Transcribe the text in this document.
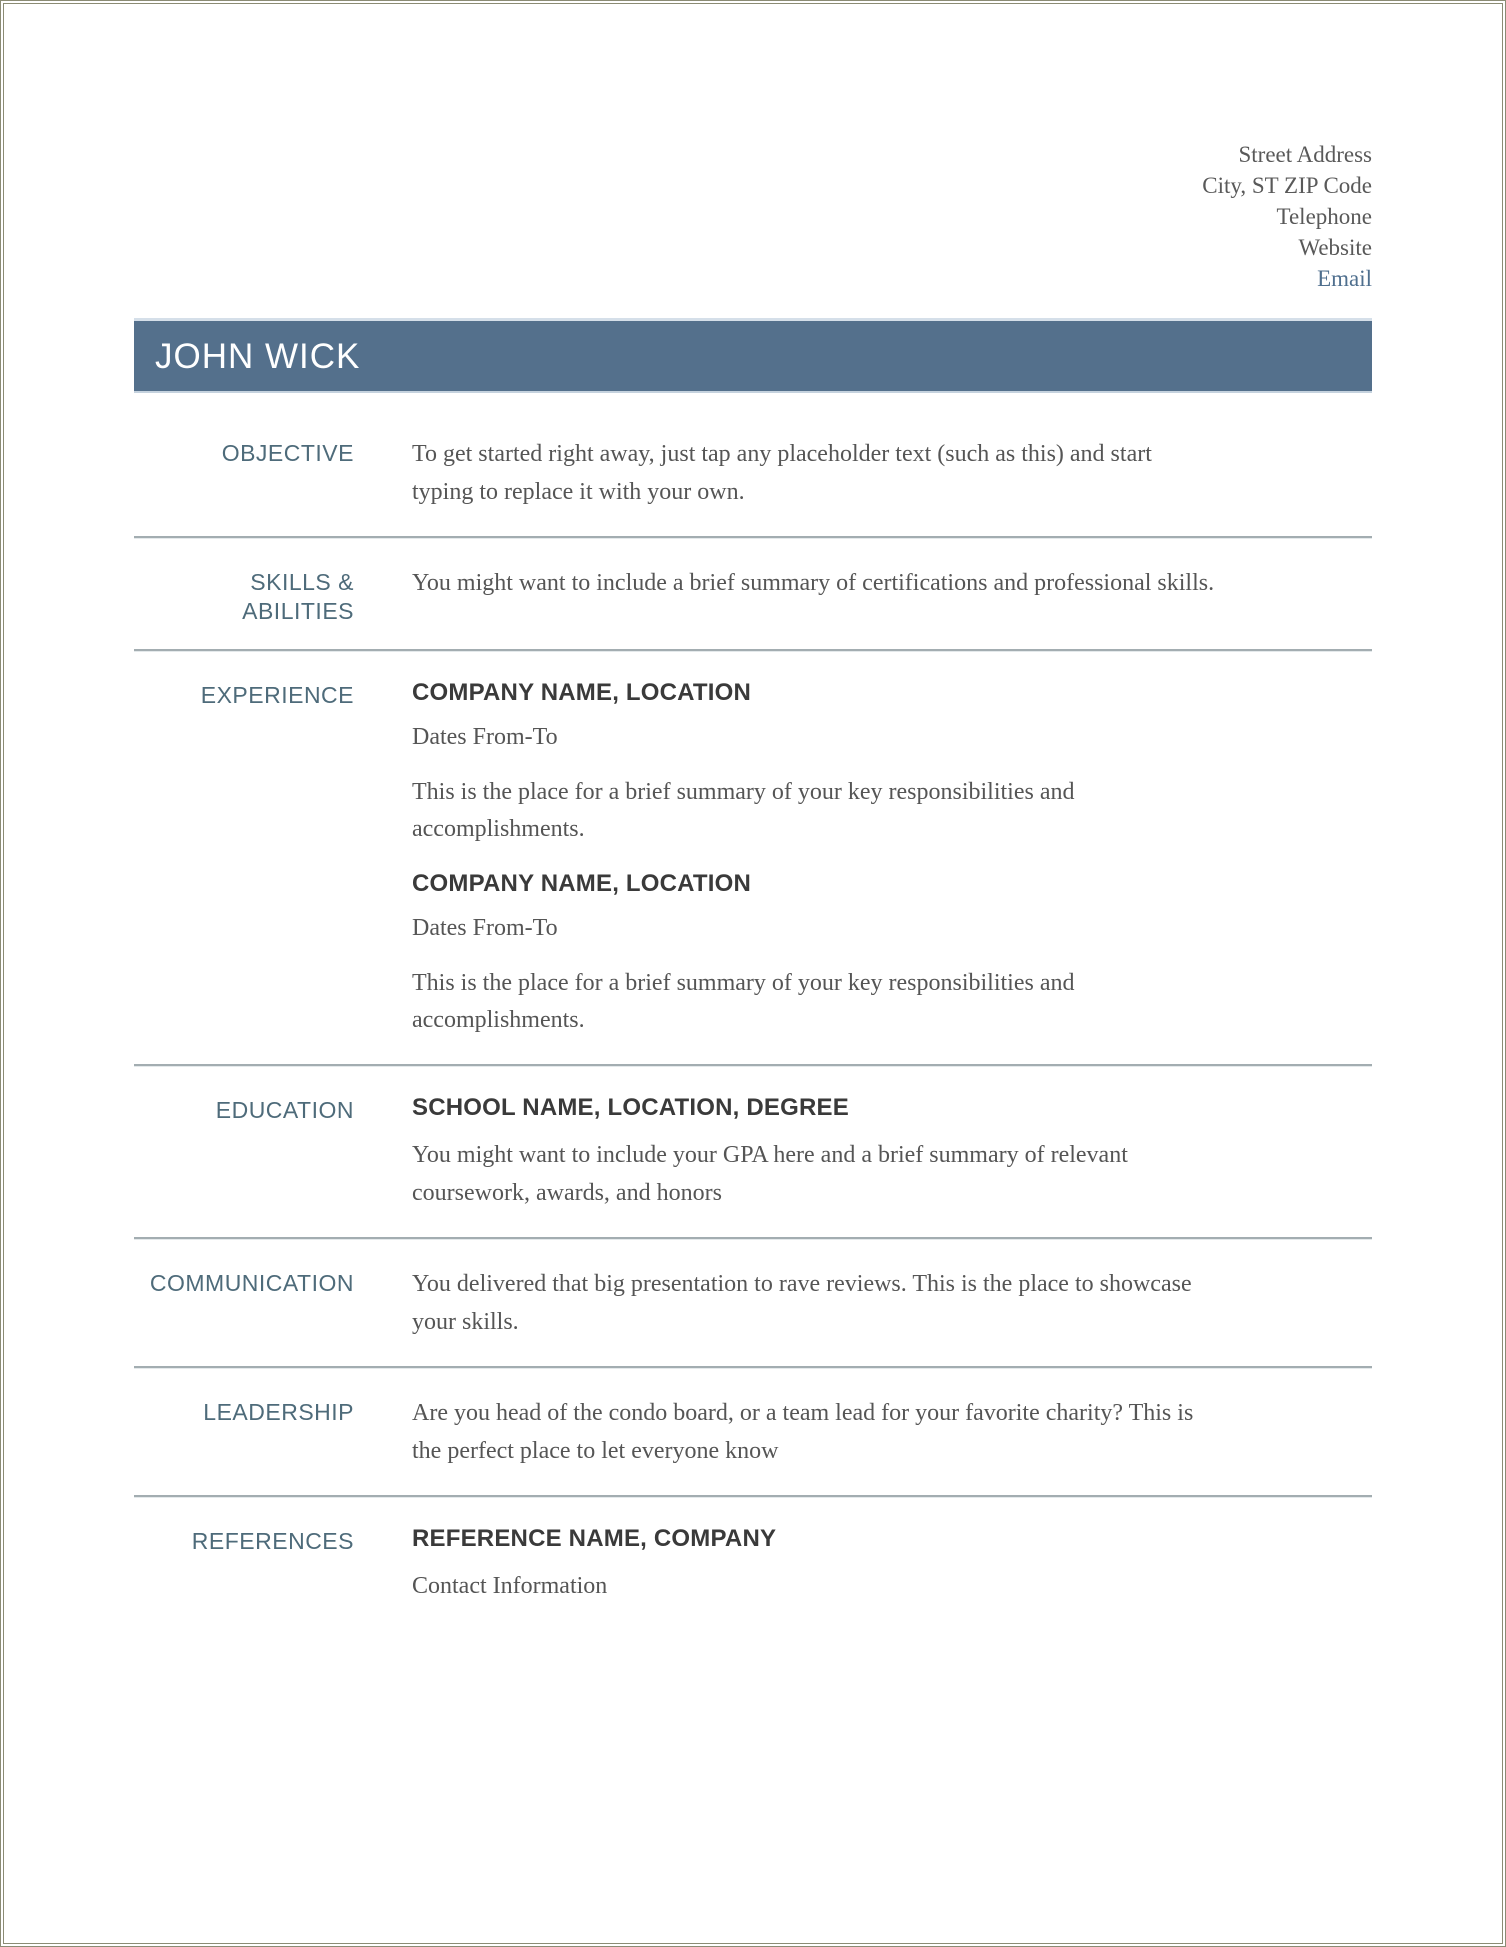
Street Address
City, ST ZIP Code
Telephone
Website
Email
JOHN WICK
OBJECTIVE To get started right away, just tap any placeholder text (such as this) and start typing to replace it with your own.
SKILLS & ABILITIES
You might want to include a brief summary of certifications and professional skills.
EXPERIENCE COMPANY NAME, LOCATION
Dates From-To
This is the place for a brief summary of your key responsibilities and accomplishments.
COMPANY NAME, LOCATION
Dates From-To
This is the place for a brief summary of your key responsibilities and accomplishments.
EDUCATION SCHOOL NAME, LOCATION, DEGREE
You might want to include your GPA here and a brief summary of relevant coursework, awards, and honors
COMMUNICATION You delivered that big presentation to rave reviews. This is the place to showcase your skills.
LEADERSHIP Are you head of the condo board, or a team lead for your favorite charity? This is the perfect place to let everyone know
REFERENCES REFERENCE NAME, COMPANY
Contact Information
